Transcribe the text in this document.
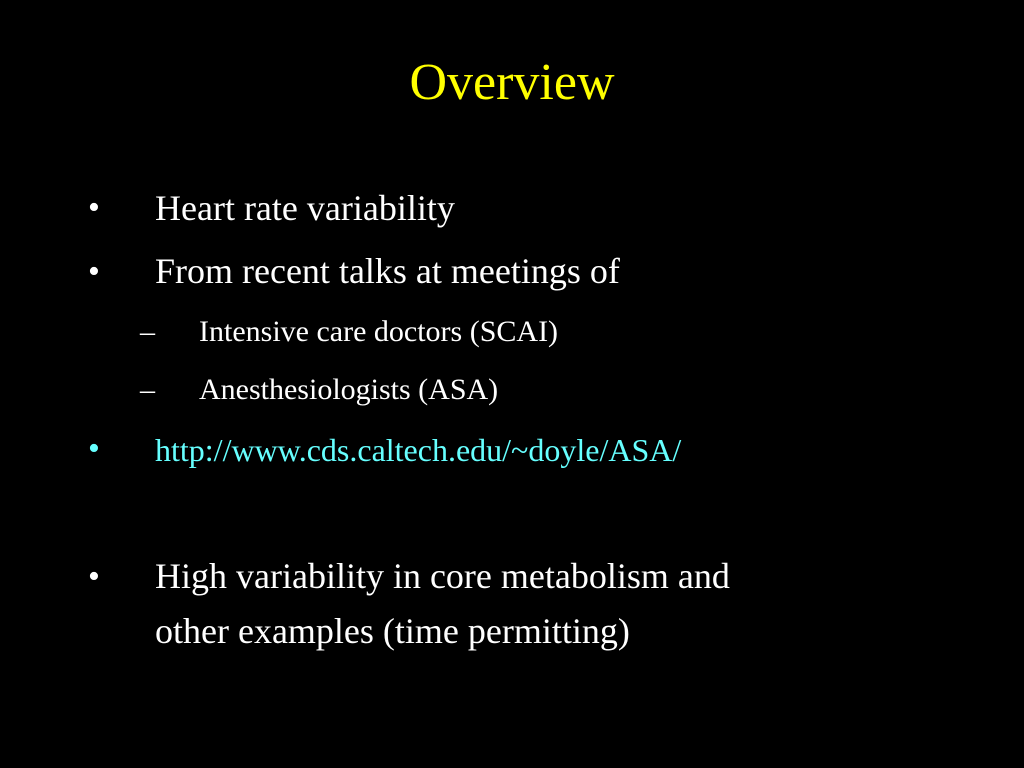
Overview
• Heart rate variability
• From recent talks at meetings of
– Intensive care doctors (SCAI)
– Anesthesiologists (ASA)
• http://www.cds.caltech.edu/~doyle/ASA/
• High variability in core metabolism and
other examples (time permitting)
